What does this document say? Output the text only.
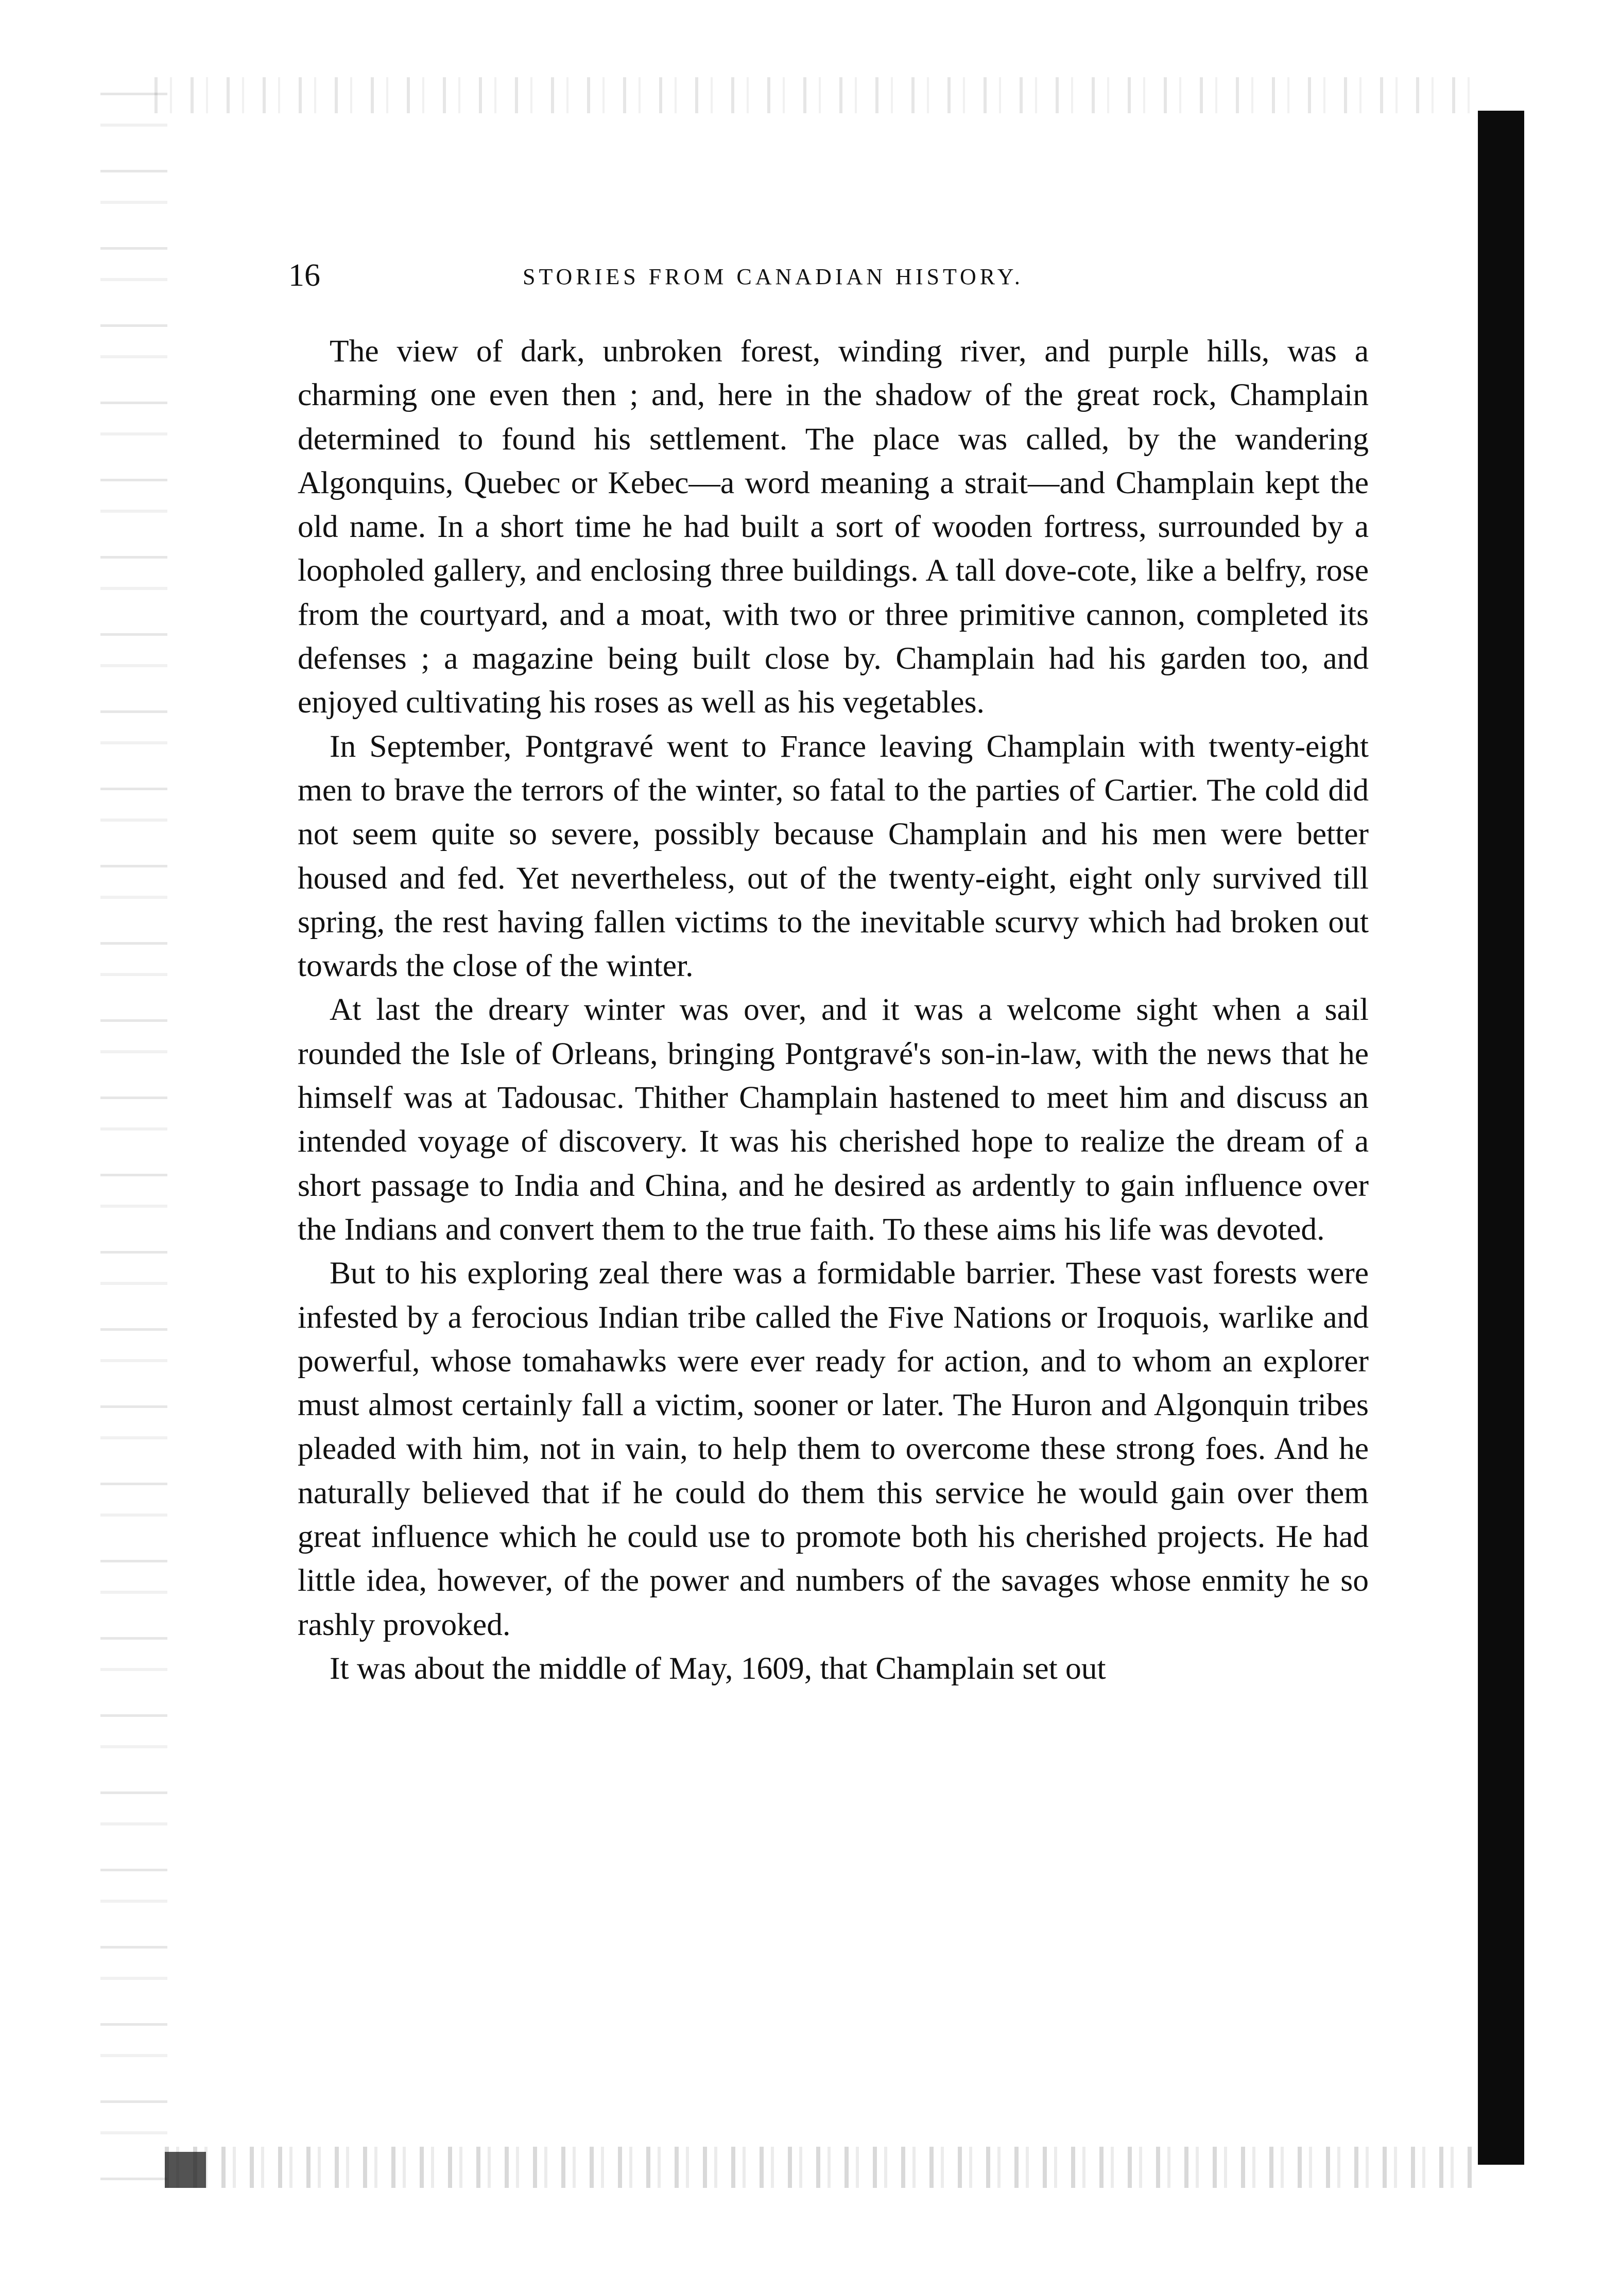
16	STORIES FROM CANADIAN HISTORY.

The view of dark, unbroken forest, winding river, and purple hills, was a charming one even then ; and, here in the shadow of the great rock, Champlain determined to found his settlement. The place was called, by the wandering Algonquins, Quebec or Kebec—a word meaning a strait—and Champlain kept the old name. In a short time he had built a sort of wooden fortress, surrounded by a loopholed gallery, and enclosing three buildings. A tall dove-cote, like a belfry, rose from the courtyard, and a moat, with two or three primitive cannon, completed its defenses ; a magazine being built close by. Champlain had his garden too, and enjoyed cultivating his roses as well as his vegetables.

In September, Pontgravé went to France leaving Champlain with twenty-eight men to brave the terrors of the winter, so fatal to the parties of Cartier. The cold did not seem quite so severe, possibly because Champlain and his men were better housed and fed. Yet nevertheless, out of the twenty-eight, eight only survived till spring, the rest having fallen victims to the inevitable scurvy which had broken out towards the close of the winter.

At last the dreary winter was over, and it was a welcome sight when a sail rounded the Isle of Orleans, bringing Pontgravé's son-in-law, with the news that he himself was at Tadousac. Thither Champlain hastened to meet him and discuss an intended voyage of discovery. It was his cherished hope to realize the dream of a short passage to India and China, and he desired as ardently to gain influence over the Indians and convert them to the true faith. To these aims his life was devoted.

But to his exploring zeal there was a formidable barrier. These vast forests were infested by a ferocious Indian tribe called the Five Nations or Iroquois, warlike and powerful, whose tomahawks were ever ready for action, and to whom an explorer must almost certainly fall a victim, sooner or later. The Huron and Algonquin tribes pleaded with him, not in vain, to help them to overcome these strong foes. And he naturally believed that if he could do them this service he would gain over them great influence which he could use to promote both his cherished projects. He had little idea, however, of the power and numbers of the savages whose enmity he so rashly provoked.

It was about the middle of May, 1609, that Champlain set out
